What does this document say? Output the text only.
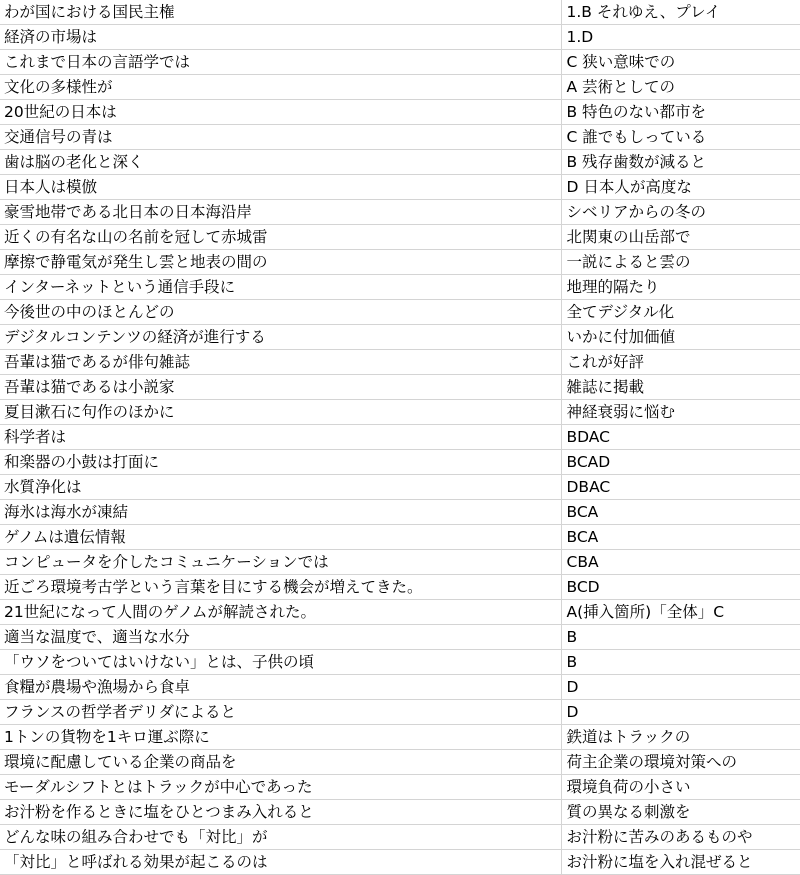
わが国における国民主権	1.B それゆえ、プレイ
経済の市場は	1.D
これまで日本の言語学では	C 狭い意味での
文化の多様性が	A 芸術としての
20世紀の日本は	B 特色のない都市を
交通信号の青は	C 誰でもしっている
歯は脳の老化と深く	B 残存歯数が減ると
日本人は模倣	D 日本人が高度な
豪雪地帯である北日本の日本海沿岸	シベリアからの冬の
近くの有名な山の名前を冠して赤城雷	北関東の山岳部で
摩擦で静電気が発生し雲と地表の間の	一説によると雲の
インターネットという通信手段に	地理的隔たり
今後世の中のほとんどの	全てデジタル化
デジタルコンテンツの経済が進行する	いかに付加価値
吾輩は猫であるが俳句雑誌	これが好評
吾輩は猫であるは小説家	雑誌に掲載
夏目漱石に句作のほかに	神経衰弱に悩む
科学者は	BDAC
和楽器の小鼓は打面に	BCAD
水質浄化は	DBAC
海氷は海水が凍結	BCA
ゲノムは遺伝情報	BCA
コンピュータを介したコミュニケーションでは	CBA
近ごろ環境考古学という言葉を目にする機会が増えてきた。	BCD
21世紀になって人間のゲノムが解読された。	A(挿入箇所)「全体」C
適当な温度で、適当な水分	B
「ウソをついてはいけない」とは、子供の頃	B
食糧が農場や漁場から食卓	D
フランスの哲学者デリダによると	D
1トンの貨物を1キロ運ぶ際に	鉄道はトラックの
環境に配慮している企業の商品を	荷主企業の環境対策への
モーダルシフトとはトラックが中心であった	環境負荷の小さい
お汁粉を作るときに塩をひとつまみ入れると	質の異なる刺激を
どんな味の組み合わせでも「対比」が	お汁粉に苦みのあるものや
「対比」と呼ばれる効果が起こるのは	お汁粉に塩を入れ混ぜると
